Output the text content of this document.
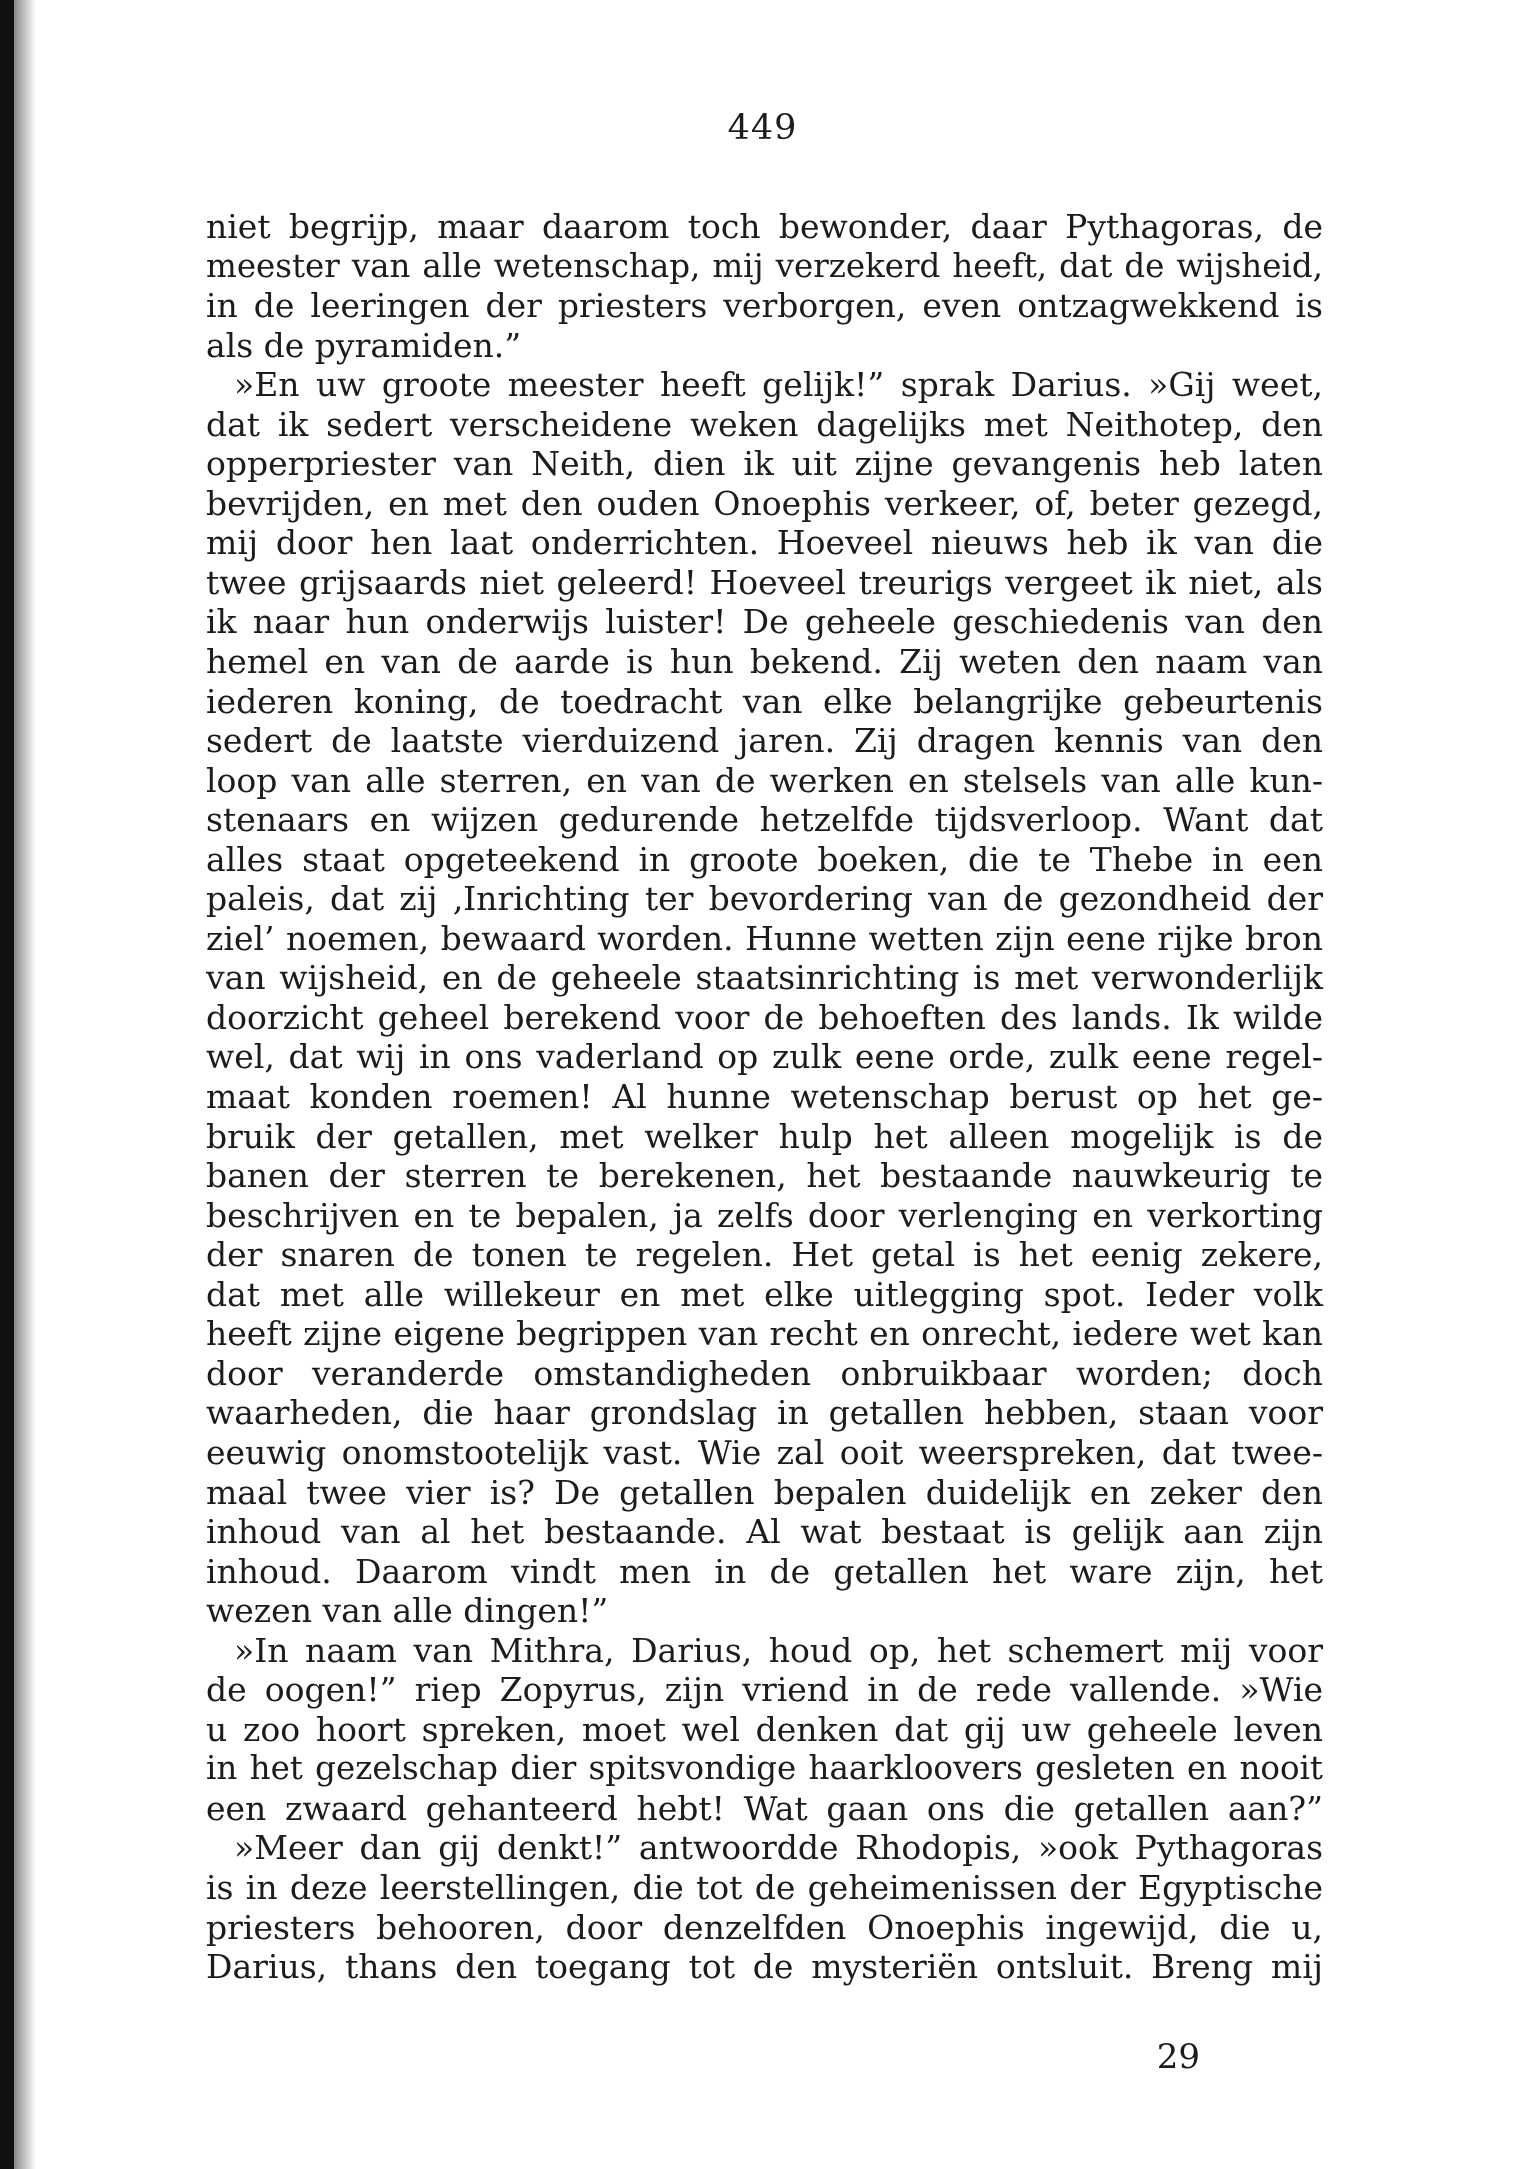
449
niet begrijp, maar daarom toch bewonder, daar Pythagoras, de
meester van alle wetenschap, mij verzekerd heeft, dat de wijsheid,
in de leeringen der priesters verborgen, even ontzagwekkend is
als de pyramiden.”
»En uw groote meester heeft gelijk!” sprak Darius. »Gij weet,
dat ik sedert verscheidene weken dagelijks met Neithotep, den
opperpriester van Neith, dien ik uit zijne gevangenis heb laten
bevrijden, en met den ouden Onoephis verkeer, of, beter gezegd,
mij door hen laat onderrichten. Hoeveel nieuws heb ik van die
twee grijsaards niet geleerd! Hoeveel treurigs vergeet ik niet, als
ik naar hun onderwijs luister! De geheele geschiedenis van den
hemel en van de aarde is hun bekend. Zij weten den naam van
iederen koning, de toedracht van elke belangrijke gebeurtenis
sedert de laatste vierduizend jaren. Zij dragen kennis van den
loop van alle sterren, en van de werken en stelsels van alle kun-
stenaars en wijzen gedurende hetzelfde tijdsverloop. Want dat
alles staat opgeteekend in groote boeken, die te Thebe in een
paleis, dat zij ‚Inrichting ter bevordering van de gezondheid der
ziel’ noemen, bewaard worden. Hunne wetten zijn eene rijke bron
van wijsheid, en de geheele staatsinrichting is met verwonderlijk
doorzicht geheel berekend voor de behoeften des lands. Ik wilde
wel, dat wij in ons vaderland op zulk eene orde, zulk eene regel-
maat konden roemen! Al hunne wetenschap berust op het ge-
bruik der getallen, met welker hulp het alleen mogelijk is de
banen der sterren te berekenen, het bestaande nauwkeurig te
beschrijven en te bepalen, ja zelfs door verlenging en verkorting
der snaren de tonen te regelen. Het getal is het eenig zekere,
dat met alle willekeur en met elke uitlegging spot. Ieder volk
heeft zijne eigene begrippen van recht en onrecht, iedere wet kan
door veranderde omstandigheden onbruikbaar worden; doch
waarheden, die haar grondslag in getallen hebben, staan voor
eeuwig onomstootelijk vast. Wie zal ooit weerspreken, dat twee-
maal twee vier is? De getallen bepalen duidelijk en zeker den
inhoud van al het bestaande. Al wat bestaat is gelijk aan zijn
inhoud. Daarom vindt men in de getallen het ware zijn, het
wezen van alle dingen!”
»In naam van Mithra, Darius, houd op, het schemert mij voor
de oogen!” riep Zopyrus, zijn vriend in de rede vallende. »Wie
u zoo hoort spreken, moet wel denken dat gij uw geheele leven
in het gezelschap dier spitsvondige haarkloovers gesleten en nooit
een zwaard gehanteerd hebt! Wat gaan ons die getallen aan?”
»Meer dan gij denkt!” antwoordde Rhodopis, »ook Pythagoras
is in deze leerstellingen, die tot de geheimenissen der Egyptische
priesters behooren, door denzelfden Onoephis ingewijd, die u,
Darius, thans den toegang tot de mysteriën ontsluit. Breng mij
29
